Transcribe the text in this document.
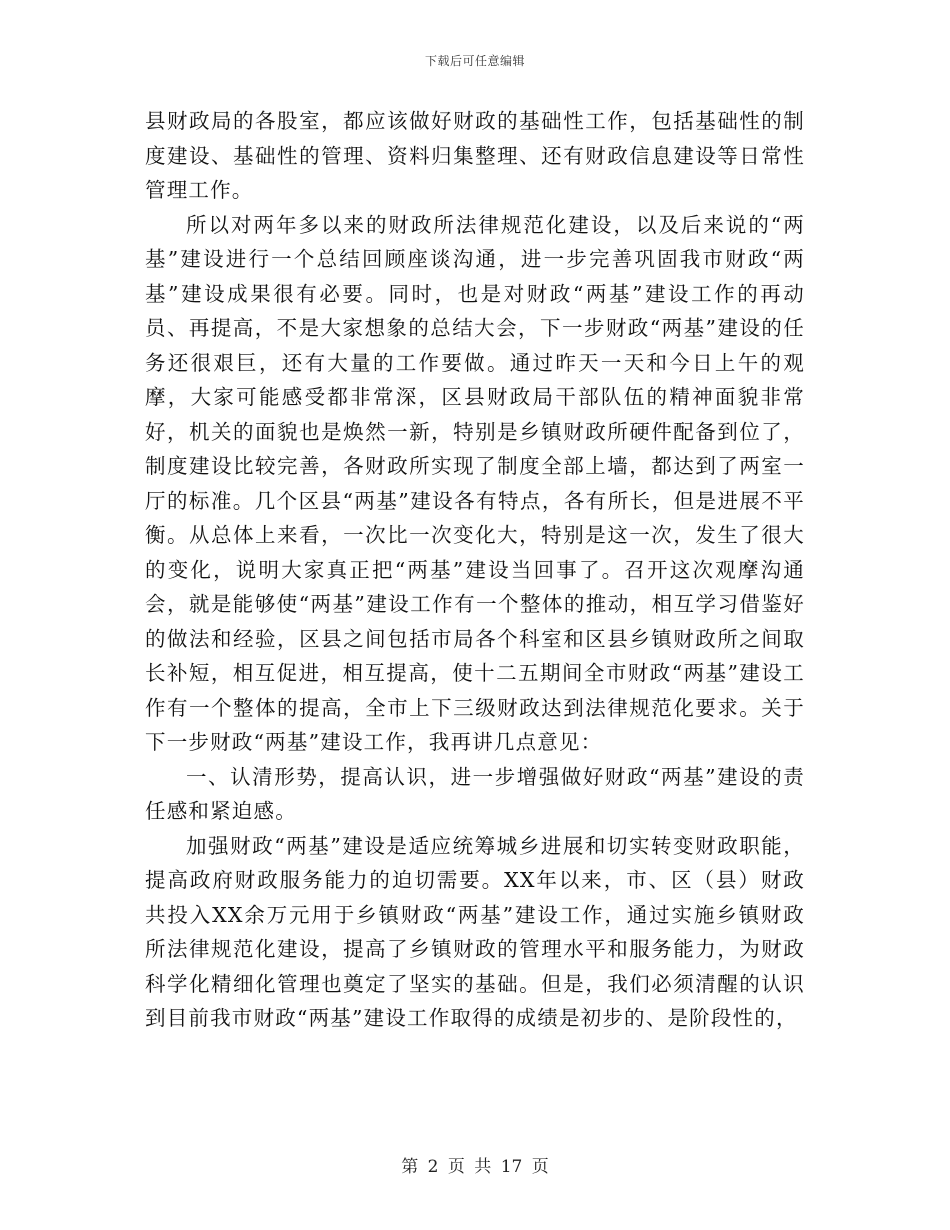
下载后可任意编辑

县财政局的各股室，都应该做好财政的基础性工作，包括基础性的制度建设、基础性的管理、资料归集整理、还有财政信息建设等日常性管理工作。

所以对两年多以来的财政所法律规范化建设，以及后来说的“两基”建设进行一个总结回顾座谈沟通，进一步完善巩固我市财政“两基”建设成果很有必要。同时，也是对财政“两基”建设工作的再动员、再提高，不是大家想象的总结大会，下一步财政“两基”建设的任务还很艰巨，还有大量的工作要做。通过昨天一天和今日上午的观摩，大家可能感受都非常深，区县财政局干部队伍的精神面貌非常好，机关的面貌也是焕然一新，特别是乡镇财政所硬件配备到位了，制度建设比较完善，各财政所实现了制度全部上墙，都达到了两室一厅的标准。几个区县“两基”建设各有特点，各有所长，但是进展不平衡。从总体上来看，一次比一次变化大，特别是这一次，发生了很大的变化，说明大家真正把“两基”建设当回事了。召开这次观摩沟通会，就是能够使“两基”建设工作有一个整体的推动，相互学习借鉴好的做法和经验，区县之间包括市局各个科室和区县乡镇财政所之间取长补短，相互促进，相互提高，使十二五期间全市财政“两基”建设工作有一个整体的提高，全市上下三级财政达到法律规范化要求。关于下一步财政“两基”建设工作，我再讲几点意见：

一、认清形势，提高认识，进一步增强做好财政“两基”建设的责任感和紧迫感。

加强财政“两基”建设是适应统筹城乡进展和切实转变财政职能，提高政府财政服务能力的迫切需要。XX年以来，市、区（县）财政共投入XX余万元用于乡镇财政“两基”建设工作，通过实施乡镇财政所法律规范化建设，提高了乡镇财政的管理水平和服务能力，为财政科学化精细化管理也奠定了坚实的基础。但是，我们必须清醒的认识到目前我市财政“两基”建设工作取得的成绩是初步的、是阶段性的，

第 2 页 共 17 页
